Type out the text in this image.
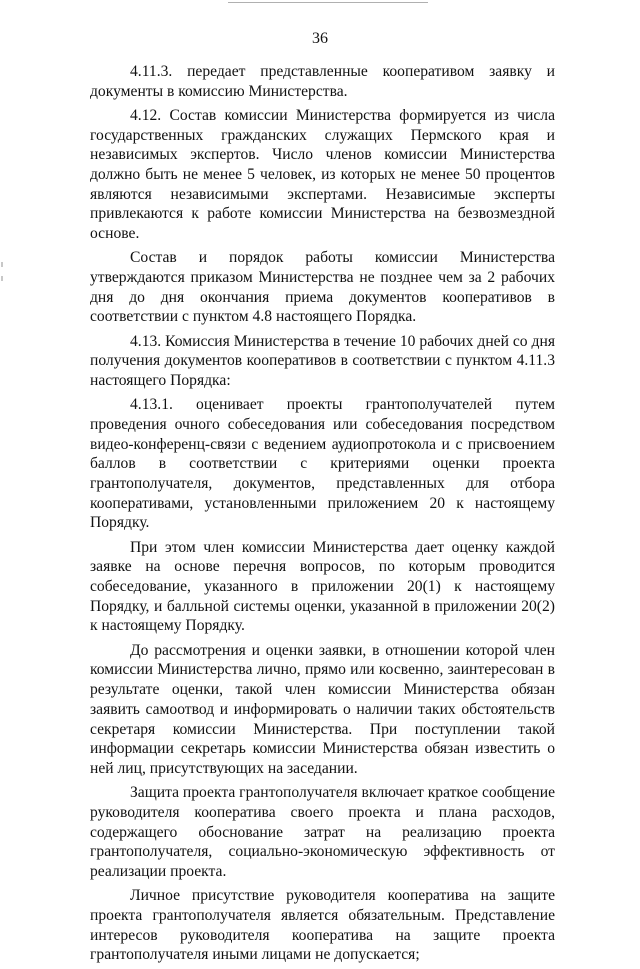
36

4.11.3. передает представленные кооперативом заявку и документы в комиссию Министерства.

4.12. Состав комиссии Министерства формируется из числа государственных гражданских служащих Пермского края и независимых экспертов. Число членов комиссии Министерства должно быть не менее 5 человек, из которых не менее 50 процентов являются независимыми экспертами. Независимые эксперты привлекаются к работе комиссии Министерства на безвозмездной основе.

Состав и порядок работы комиссии Министерства утверждаются приказом Министерства не позднее чем за 2 рабочих дня до дня окончания приема документов кооперативов в соответствии с пунктом 4.8 настоящего Порядка.

4.13. Комиссия Министерства в течение 10 рабочих дней со дня получения документов кооперативов в соответствии с пунктом 4.11.3 настоящего Порядка:

4.13.1. оценивает проекты грантополучателей путем проведения очного собеседования или собеседования посредством видео-конференц-связи с ведением аудиопротокола и с присвоением баллов в соответствии с критериями оценки проекта грантополучателя, документов, представленных для отбора кооперативами, установленными приложением 20 к настоящему Порядку.

При этом член комиссии Министерства дает оценку каждой заявке на основе перечня вопросов, по которым проводится собеседование, указанного в приложении 20(1) к настоящему Порядку, и балльной системы оценки, указанной в приложении 20(2) к настоящему Порядку.

До рассмотрения и оценки заявки, в отношении которой член комиссии Министерства лично, прямо или косвенно, заинтересован в результате оценки, такой член комиссии Министерства обязан заявить самоотвод и информировать о наличии таких обстоятельств секретаря комиссии Министерства. При поступлении такой информации секретарь комиссии Министерства обязан известить о ней лиц, присутствующих на заседании.

Защита проекта грантополучателя включает краткое сообщение руководителя кооператива своего проекта и плана расходов, содержащего обоснование затрат на реализацию проекта грантополучателя, социально-экономическую эффективность от реализации проекта.

Личное присутствие руководителя кооператива на защите проекта грантополучателя является обязательным. Представление интересов руководителя кооператива на защите проекта грантополучателя иными лицами не допускается;
